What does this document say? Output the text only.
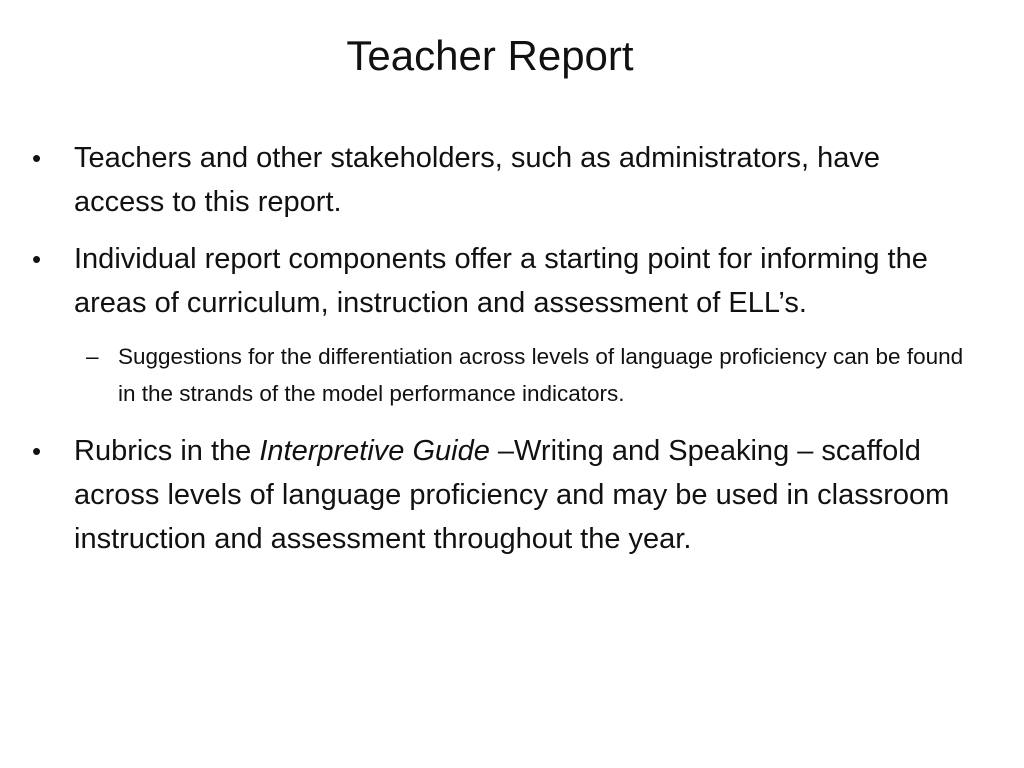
Teacher Report
• Teachers and other stakeholders, such as administrators, have access to this report.
• Individual report components offer a starting point for informing the areas of curriculum, instruction and assessment of ELL’s.
– Suggestions for the differentiation across levels of language proficiency can be found in the strands of the model performance indicators.
• Rubrics in the Interpretive Guide –Writing and Speaking – scaffold across levels of language proficiency and may be used in classroom instruction and assessment throughout the year.
